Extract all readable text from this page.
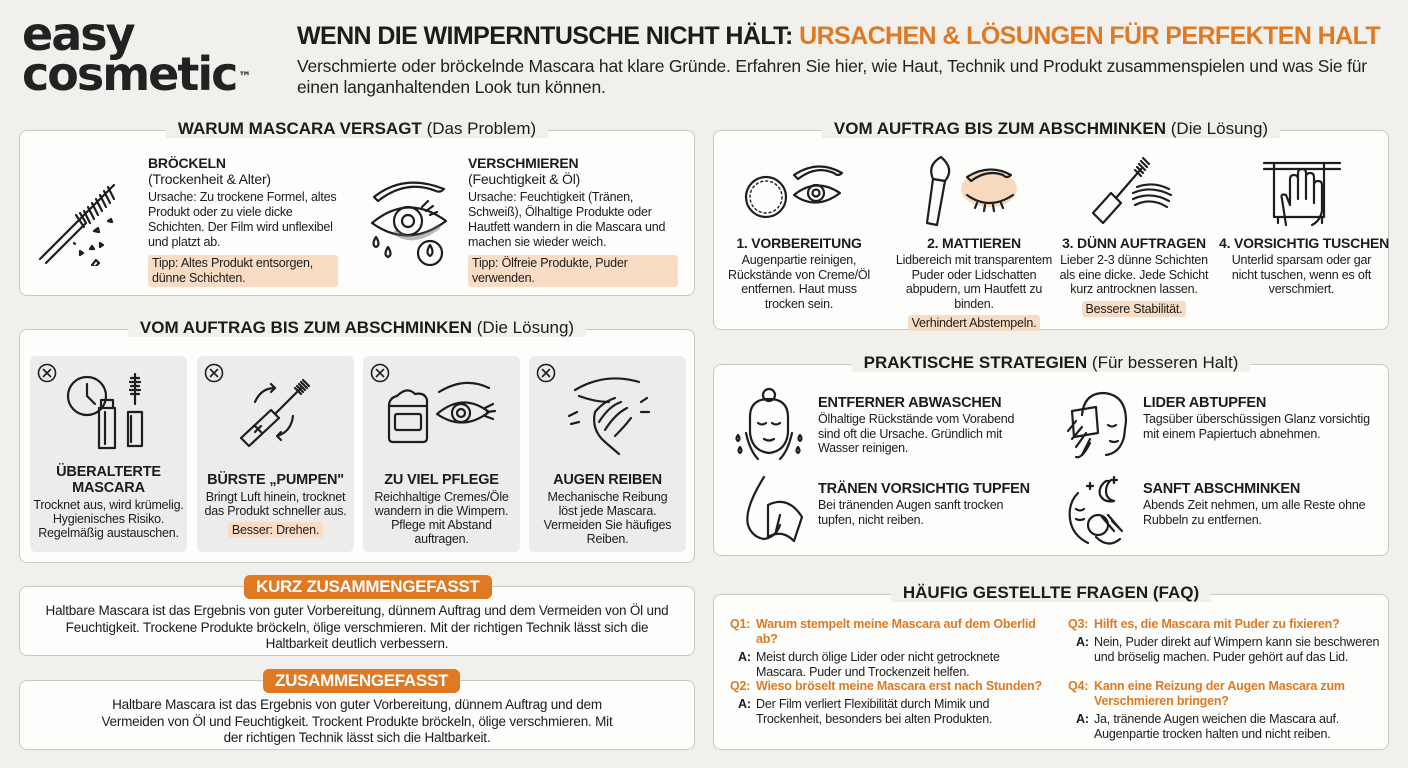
easy
cosmetic ™
WENN DIE WIMPERNTUSCHE NICHT HÄLT: URSACHEN & LÖSUNGEN FÜR PERFEKTEN HALT
Verschmierte oder bröckelnde Mascara hat klare Gründe. Erfahren Sie hier, wie Haut, Technik und Produkt zusammenspielen und was Sie für einen langanhaltenden Look tun können.
WARUM MASCARA VERSAGT (Das Problem)
BRÖCKELN
(Trockenheit & Alter)
Ursache: Zu trockene Formel, altes Produkt oder zu viele dicke Schichten. Der Film wird unflexibel und platzt ab.
Tipp: Altes Produkt entsorgen, dünne Schichten.
VERSCHMIEREN
(Feuchtigkeit & Öl)
Ursache: Feuchtigkeit (Tränen, Schweiß), Ölhaltige Produkte oder Hautfett wandern in die Mascara und machen sie wieder weich.
Tipp: Ölfreie Produkte, Puder verwenden.
VOM AUFTRAG BIS ZUM ABSCHMINKEN (Die Lösung)
ÜBERALTERTE MASCARA
Trocknet aus, wird krümelig. Hygienisches Risiko. Regelmäßig austauschen.
BÜRSTE „PUMPEN"
Bringt Luft hinein, trocknet das Produkt schneller aus.
Besser: Drehen.
ZU VIEL PFLEGE
Reichhaltige Cremes/Öle wandern in die Wimpern. Pflege mit Abstand auftragen.
AUGEN REIBEN
Mechanische Reibung löst jede Mascara. Vermeiden Sie häufiges Reiben.
KURZ ZUSAMMENGEFASST
Haltbare Mascara ist das Ergebnis von guter Vorbereitung, dünnem Auftrag und dem Vermeiden von Öl und Feuchtigkeit. Trockene Produkte bröckeln, ölige verschmieren. Mit der richtigen Technik lässt sich die Haltbarkeit deutlich verbessern.
ZUSAMMENGEFASST
Haltbare Mascara ist das Ergebnis von guter Vorbereitung, dünnem Auftrag und dem Vermeiden von Öl und Feuchtigkeit. Trockent Produkte bröckeln, ölige verschmieren. Mit der richtigen Technik lässt sich die Haltbarkeit.
VOM AUFTRAG BIS ZUM ABSCHMINKEN (Die Lösung)
1. VORBEREITUNG
Augenpartie reinigen, Rückstände von Creme/Öl entfernen. Haut muss trocken sein.
2. MATTIEREN
Lidbereich mit transparentem Puder oder Lidschatten abpudern, um Hautfett zu binden.
Verhindert Abstempeln.
3. DÜNN AUFTRAGEN
Lieber 2-3 dünne Schichten als eine dicke. Jede Schicht kurz antrocknen lassen.
Bessere Stabilität.
4. VORSICHTIG TUSCHEN
Unterlid sparsam oder gar nicht tuschen, wenn es oft verschmiert.
PRAKTISCHE STRATEGIEN (Für besseren Halt)
ENTFERNER ABWASCHEN
Ölhaltige Rückstände vom Vorabend sind oft die Ursache. Gründlich mit Wasser reinigen.
LIDER ABTUPFEN
Tagsüber überschüssigen Glanz vorsichtig mit einem Papiertuch abnehmen.
TRÄNEN VORSICHTIG TUPFEN
Bei tränenden Augen sanft trocken tupfen, nicht reiben.
SANFT ABSCHMINKEN
Abends Zeit nehmen, um alle Reste ohne Rubbeln zu entfernen.
HÄUFIG GESTELLTE FRAGEN (FAQ)
Q1: Warum stempelt meine Mascara auf dem Oberlid ab?
A: Meist durch ölige Lider oder nicht getrocknete Mascara. Puder und Trockenzeit helfen.
Q2: Wieso bröselt meine Mascara erst nach Stunden?
A: Der Film verliert Flexibilität durch Mimik und Trockenheit, besonders bei alten Produkten.
Q3: Hilft es, die Mascara mit Puder zu fixieren?
A: Nein, Puder direkt auf Wimpern kann sie beschweren und bröselig machen. Puder gehört auf das Lid.
Q4: Kann eine Reizung der Augen Mascara zum Verschmieren bringen?
A: Ja, tränende Augen weichen die Mascara auf. Augenpartie trocken halten und nicht reiben.
